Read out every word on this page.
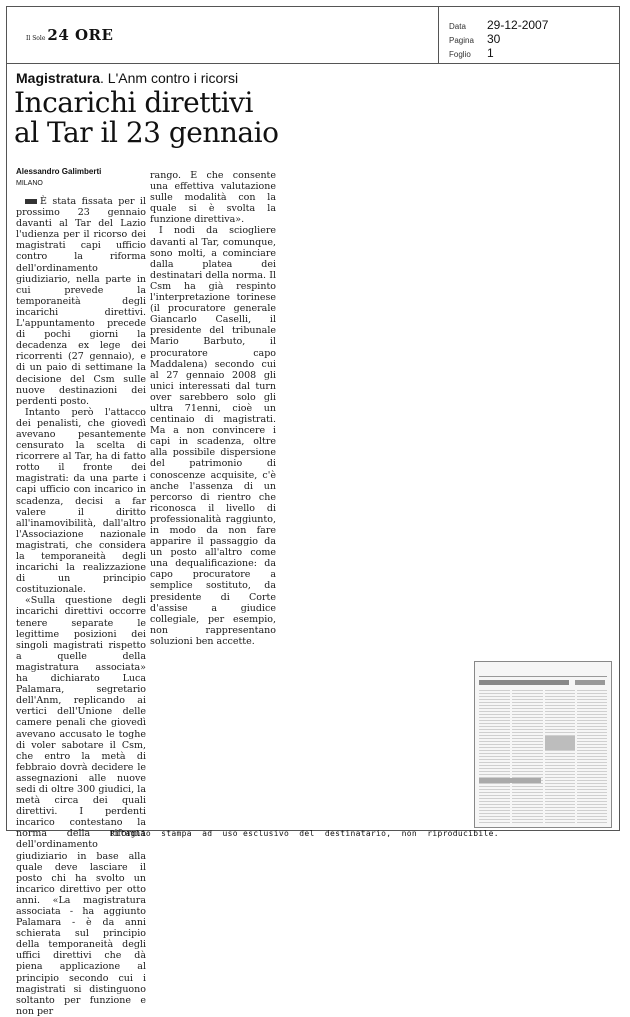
Il Sole 24 ORE	Data	29-12-2007
Pagina	30
Foglio	1
Magistratura. L'Anm contro i ricorsi
Incarichi direttivi
al Tar il 23 gennaio
Alessandro Galimberti
MILANO

È stata fissata per il prossimo 23 gennaio davanti al Tar del Lazio l'udienza per il ricorso dei magistrati capi ufficio contro la riforma dell'ordinamento giudiziario, nella parte in cui prevede la temporaneità degli incarichi direttivi. L'appuntamento precede di pochi giorni la decadenza ex lege dei ricorrenti (27 gennaio), e di un paio di settimane la decisione del Csm sulle nuove destinazioni dei perdenti posto.

Intanto però l'attacco dei penalisti, che giovedì avevano pesantemente censurato la scelta di ricorrere al Tar, ha di fatto rotto il fronte dei magistrati: da una parte i capi ufficio con incarico in scadenza, decisi a far valere il diritto all'inamovibilità, dall'altro l'Associazione nazionale magistrati, che considera la temporaneità degli incarichi la realizzazione di un principio costituzionale.

«Sulla questione degli incarichi direttivi occorre tenere separate le legittime posizioni dei singoli magistrati rispetto a quelle della magistratura associata» ha dichiarato Luca Palamara, segretario dell'Anm, replicando ai vertici dell'Unione delle camere penali che giovedì avevano accusato le toghe di voler sabotare il Csm, che entro la metà di febbraio dovrà decidere le assegnazioni alle nuove sedi di oltre 300 giudici, la metà circa dei quali direttivi. I perdenti incarico contestano la norma della riforma dell'ordinamento giudiziario in base alla quale deve lasciare il posto chi ha svolto un incarico direttivo per otto anni. «La magistratura associata - ha aggiunto Palamara - è da anni schierata sul principio della temporaneità degli uffici direttivi che dà piena applicazione al principio secondo cui i magistrati si distinguono soltanto per funzione e non per

rango. E che consente una effettiva valutazione sulle modalità con la quale si è svolta la funzione direttiva».

I nodi da sciogliere davanti al Tar, comunque, sono molti, a cominciare dalla platea dei destinatari della norma. Il Csm ha già respinto l'interpretazione torinese (il procuratore generale Giancarlo Caselli, il presidente del tribunale Mario Barbuto, il procuratore capo Maddalena) secondo cui al 27 gennaio 2008 gli unici interessati dal turn over sarebbero solo gli ultra 71enni, cioè un centinaio di magistrati. Ma a non convincere i capi in scadenza, oltre alla possibile dispersione del patrimonio di conoscenze acquisite, c'è anche l'assenza di un percorso di rientro che riconosca il livello di professionalità raggiunto, in modo da non fare apparire il passaggio da un posto all'altro come una dequalificazione: da capo procuratore a semplice sostituto, da presidente di Corte d'assise a giudice collegiale, per esempio, non rappresentano soluzioni ben accette.

Ritaglio  stampa  ad  uso esclusivo  del  destinatario,  non  riproducibile.
